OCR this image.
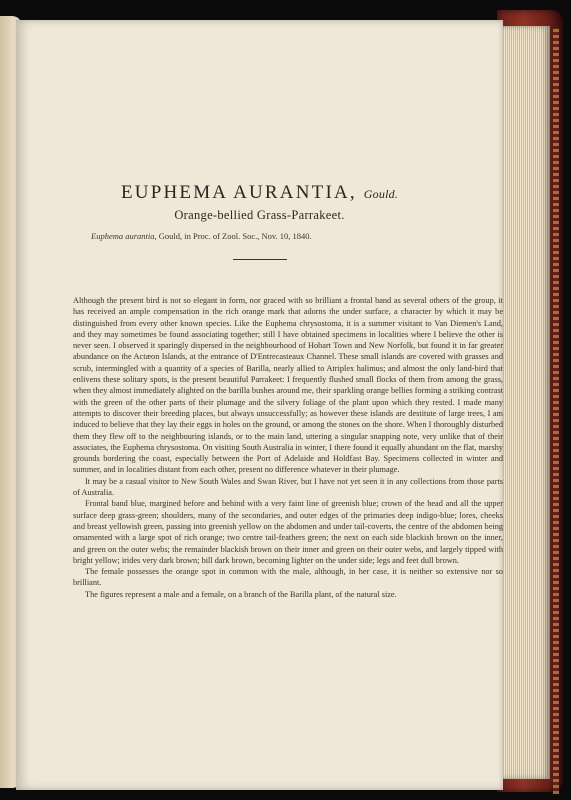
EUPHEMA AURANTIA, Gould.
Orange-bellied Grass-Parrakeet.
Euphema aurantia, Gould, in Proc. of Zool. Soc., Nov. 10, 1840.

Although the present bird is not so elegant in form, nor graced with so brilliant a frontal band as several others of the group, it has received an ample compensation in the rich orange mark that adorns the under surface, a character by which it may be distinguished from every other known species. Like the Euphema chrysostoma, it is a summer visitant to Van Diemen's Land, and they may sometimes be found associating together; still I have obtained specimens in localities where I believe the other is never seen. I observed it sparingly dispersed in the neighbourhood of Hobart Town and New Norfolk, but found it in far greater abundance on the Actæon Islands, at the entrance of D'Entrecasteaux Channel. These small islands are covered with grasses and scrub, intermingled with a quantity of a species of Barilla, nearly allied to Atriplex halimus; and almost the only land-bird that enlivens these solitary spots, is the present beautiful Parrakeet: I frequently flushed small flocks of them from among the grass, when they almost immediately alighted on the barilla bushes around me, their sparkling orange bellies forming a striking contrast with the green of the other parts of their plumage and the silvery foliage of the plant upon which they rested. I made many attempts to discover their breeding places, but always unsuccessfully; as however these islands are destitute of large trees, I am induced to believe that they lay their eggs in holes on the ground, or among the stones on the shore. When I thoroughly disturbed them they flew off to the neighbouring islands, or to the main land, uttering a singular snapping note, very unlike that of their associates, the Euphema chrysostoma. On visiting South Australia in winter, I there found it equally abundant on the flat, marshy grounds bordering the coast, especially between the Port of Adelaide and Holdfast Bay. Specimens collected in winter and summer, and in localities distant from each other, present no difference whatever in their plumage.

It may be a casual visitor to New South Wales and Swan River, but I have not yet seen it in any collections from those parts of Australia.

Frontal band blue, margined before and behind with a very faint line of greenish blue; crown of the head and all the upper surface deep grass-green; shoulders, many of the secondaries, and outer edges of the primaries deep indigo-blue; lores, cheeks and breast yellowish green, passing into greenish yellow on the abdomen and under tail-coverts, the centre of the abdomen being ornamented with a large spot of rich orange; two centre tail-feathers green; the next on each side blackish brown on the inner, and green on the outer webs; the remainder blackish brown on their inner and green on their outer webs, and largely tipped with bright yellow; irides very dark brown; bill dark brown, becoming lighter on the under side; legs and feet dull brown.

The female possesses the orange spot in common with the male, although, in her case, it is neither so extensive nor so brilliant.

The figures represent a male and a female, on a branch of the Barilla plant, of the natural size.
